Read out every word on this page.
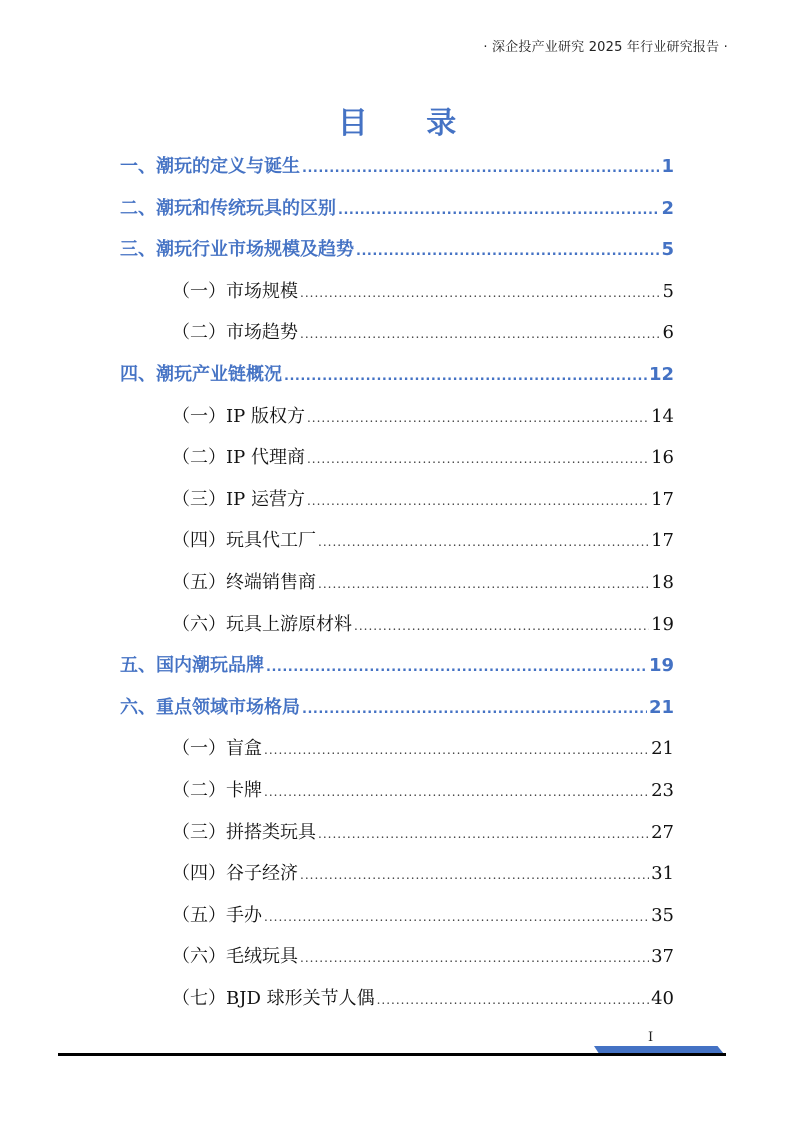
· 深企投产业研究 2025 年行业研究报告 ·
目 录
一、潮玩的定义与诞生 .....	1
二、潮玩和传统玩具的区别 .....	2
三、潮玩行业市场规模及趋势 .....	5
（一）市场规模 .....	5
（二）市场趋势 .....	6
四、潮玩产业链概况 .....	12
（一）IP 版权方 .....	14
（二）IP 代理商 .....	16
（三）IP 运营方 .....	17
（四）玩具代工厂 .....	17
（五）终端销售商 .....	18
（六）玩具上游原材料 .....	19
五、国内潮玩品牌 .....	19
六、重点领域市场格局 .....	21
（一）盲盒 .....	21
（二）卡牌 .....	23
（三）拼搭类玩具 .....	27
（四）谷子经济 .....	31
（五）手办 .....	35
（六）毛绒玩具 .....	37
（七）BJD 球形关节人偶 .....	40
I
